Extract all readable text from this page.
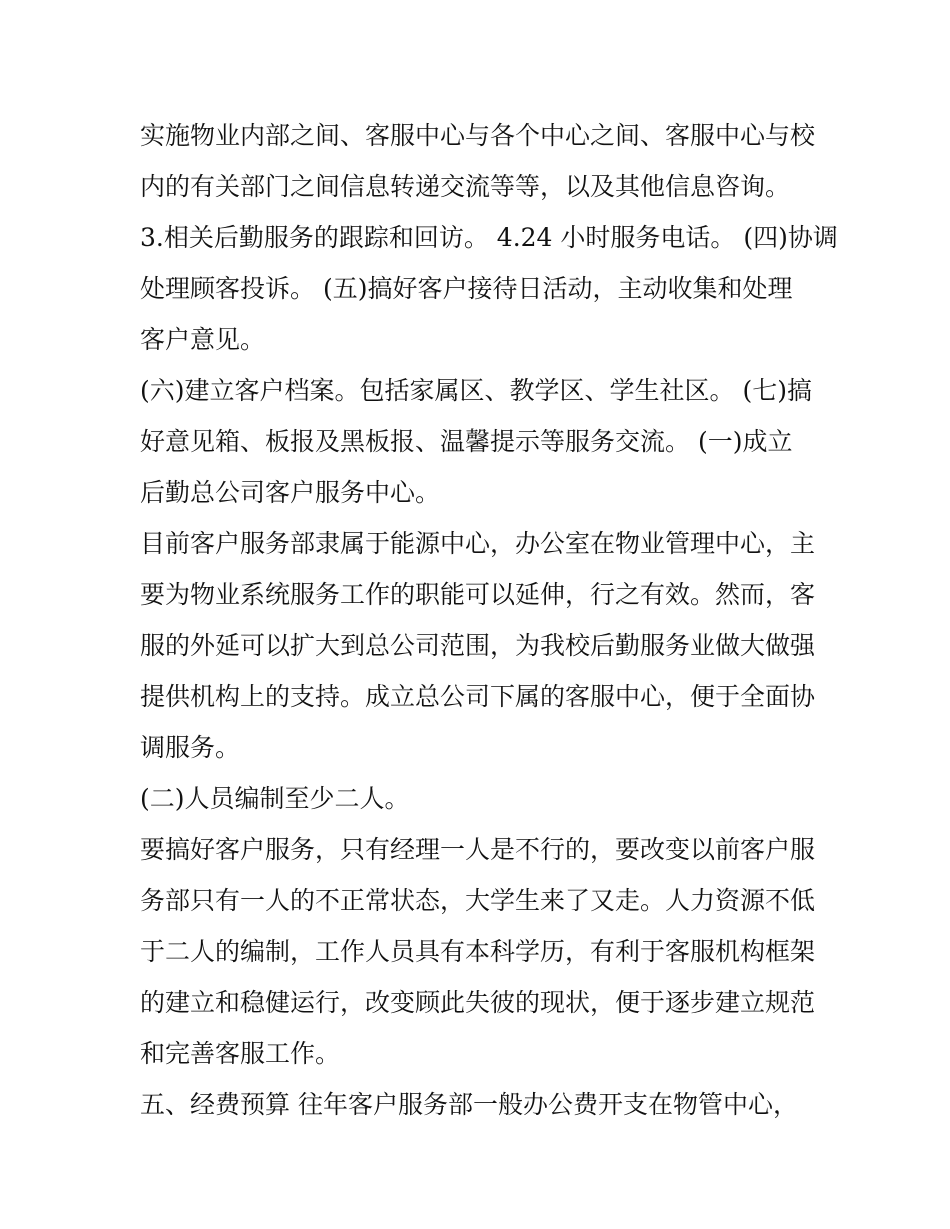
实施物业内部之间、客服中心与各个中心之间、客服中心与校
内的有关部门之间信息转递交流等等，以及其他信息咨询。
3.相关后勤服务的跟踪和回访。 4.24 小时服务电话。 (四)协调
处理顾客投诉。 (五)搞好客户接待日活动，主动收集和处理
客户意见。
(六)建立客户档案。包括家属区、教学区、学生社区。 (七)搞
好意见箱、板报及黑板报、温馨提示等服务交流。 (一)成立
后勤总公司客户服务中心。
目前客户服务部隶属于能源中心，办公室在物业管理中心，主
要为物业系统服务工作的职能可以延伸，行之有效。然而，客
服的外延可以扩大到总公司范围，为我校后勤服务业做大做强
提供机构上的支持。成立总公司下属的客服中心，便于全面协
调服务。
(二)人员编制至少二人。
要搞好客户服务，只有经理一人是不行的，要改变以前客户服
务部只有一人的不正常状态，大学生来了又走。人力资源不低
于二人的编制，工作人员具有本科学历，有利于客服机构框架
的建立和稳健运行，改变顾此失彼的现状，便于逐步建立规范
和完善客服工作。
五、经费预算 往年客户服务部一般办公费开支在物管中心，
